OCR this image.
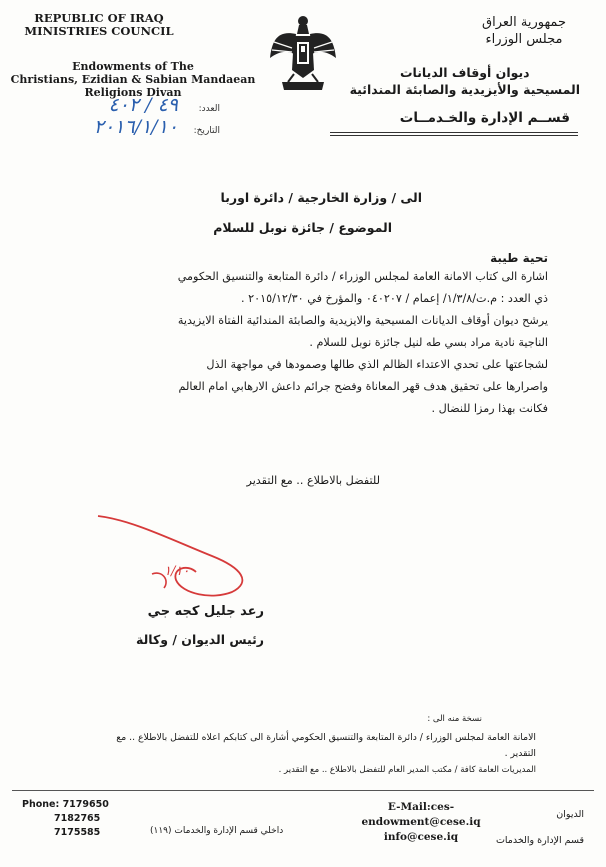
REPUBLIC OF IRAQ
MINISTRIES COUNCIL
Endowments of The
Christians, Ezidian & Sabian Mandaean
Religions Divan
جمهورية العراق
مجلس الوزراء
ديوان أوقاف الديانات
المسيحية والأيزيدية والصابئة المندائية
قســم الإدارة والخـدمــات
العدد:
٤٩ / ٤٠٢
التاريخ:
٢٠١٦/١/١٠
الى / وزارة الخارجية / دائرة اوربا
الموضوع / جائزة نوبل للسلام
تحية طيبة
اشارة الى كتاب الامانة العامة لمجلس الوزراء / دائرة المتابعة والتنسيق الحكومي
ذي العدد : م.ت/١/٣/٨/ إعمام / ٠٤٠٢٠٧ والمؤرخ في ٢٠١٥/١٢/٣٠ .
يرشح ديوان أوقاف الديانات المسيحية والايزيدية والصابئة المندائية الفتاة الايزيدية
الناجية نادية مراد بسي طه لنيل جائزة نوبل للسلام .
لشجاعتها على تحدي الاعتداء الظالم الذي طالها وصمودها في مواجهة الذل
واصرارها على تحقيق هدف قهر المعاناة وفضح جرائم داعش الارهابي امام العالم
فكانت بهذا رمزا للنضال .
للتفضل بالاطلاع .. مع التقدير
١/١٠
رعد جليل كجه جي
رئيس الديوان / وكالة
نسخة منه الى :
الامانة العامة لمجلس الوزراء / دائرة المتابعة والتنسيق الحكومي أشارة الى كتابكم اعلاه للتفضل بالاطلاع .. مع
التقدير .
المديريات العامة كافة / مكتب المدير العام للتفضل بالاطلاع .. مع التقدير .
Phone: 7179650
7182765
7175585	داخلي قسم الإدارة والخدمات (١١٩)
E-Mail:ces-endowment@cese.iq
info@cese.iq
الديوان
قسم الإدارة والخدمات
